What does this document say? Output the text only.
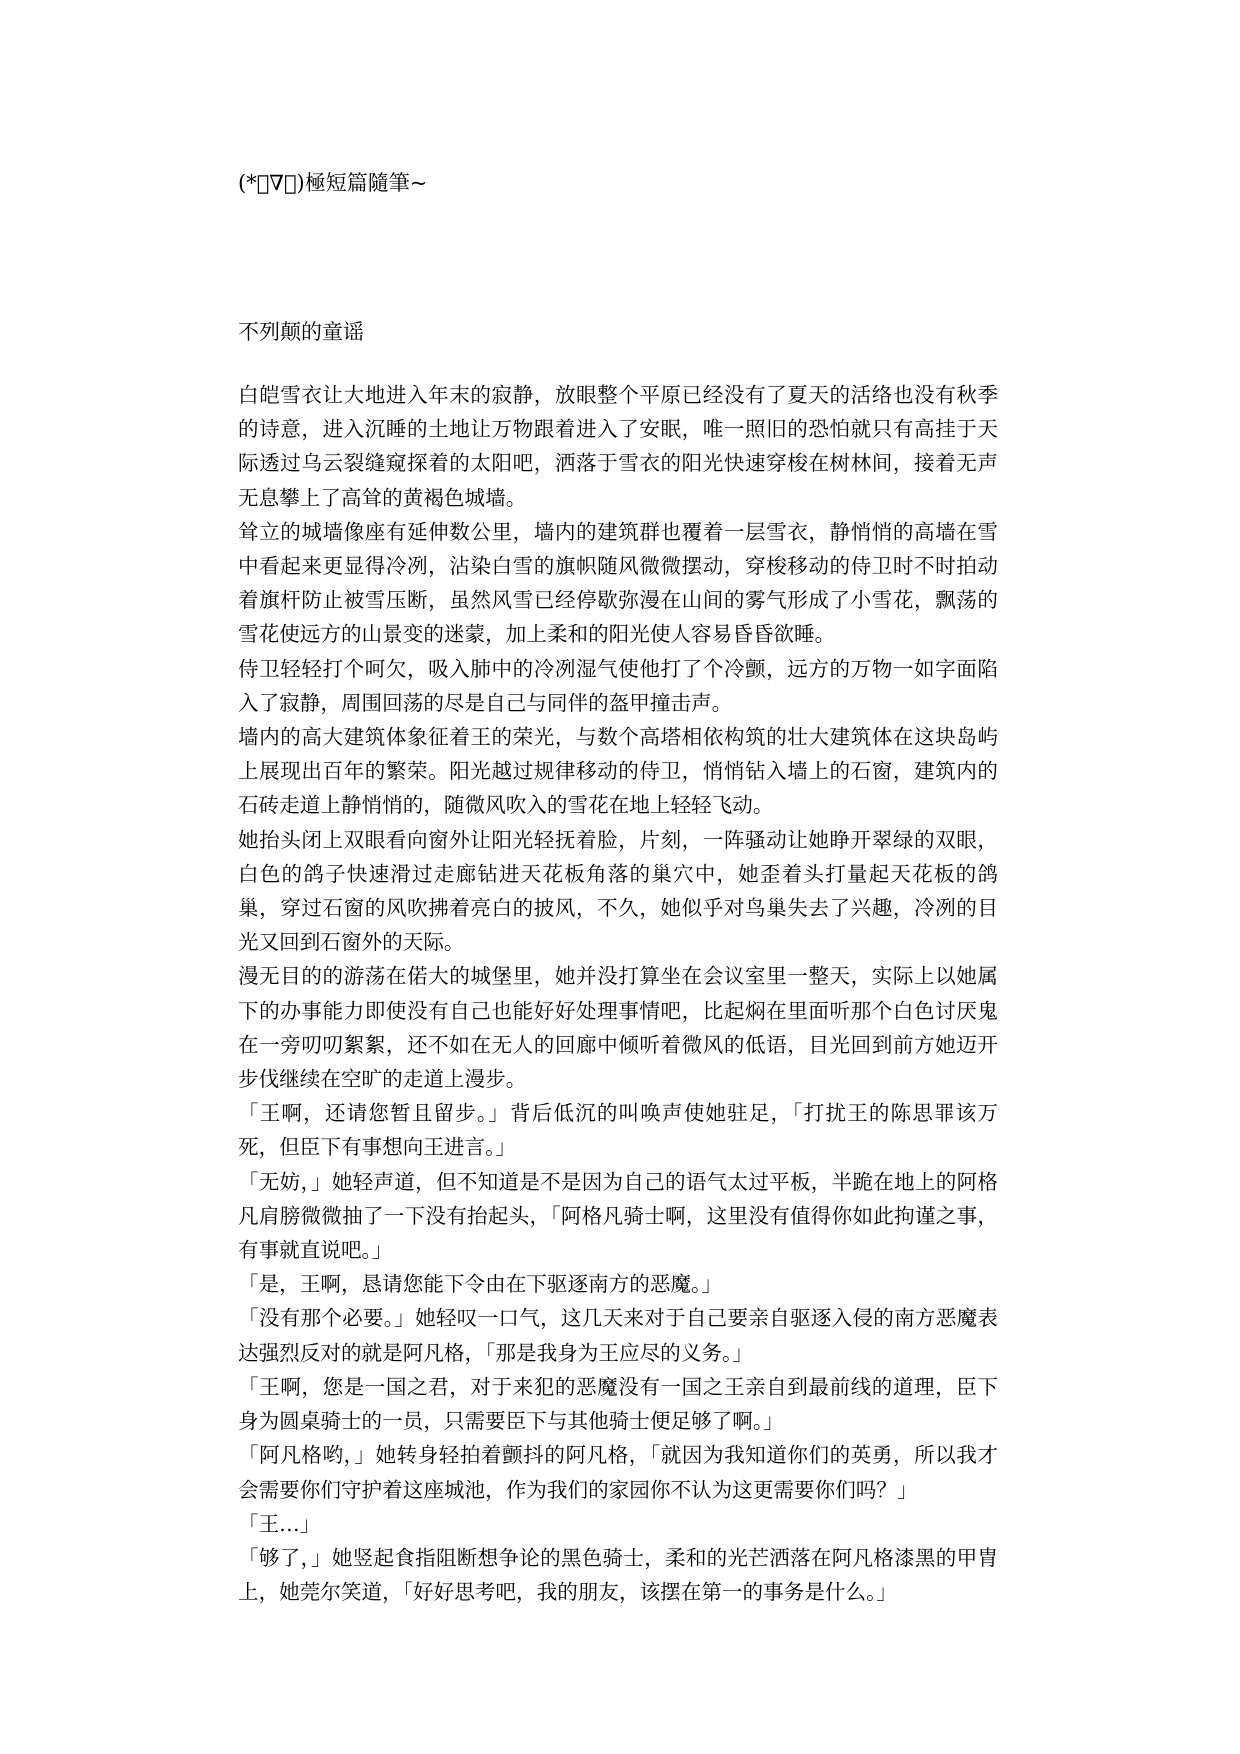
(*ﾟ∇ﾟ)極短篇隨筆~
不列颠的童谣

白皑雪衣让大地进入年末的寂静，放眼整个平原已经没有了夏天的活络也没有秋季的诗意，进入沉睡的土地让万物跟着进入了安眠，唯一照旧的恐怕就只有高挂于天际透过乌云裂缝窥探着的太阳吧，洒落于雪衣的阳光快速穿梭在树林间，接着无声无息攀上了高耸的黄褐色城墙。

耸立的城墙像座有延伸数公里，墙内的建筑群也覆着一层雪衣，静悄悄的高墙在雪中看起来更显得冷冽，沾染白雪的旗帜随风微微摆动，穿梭移动的侍卫时不时拍动着旗杆防止被雪压断，虽然风雪已经停歇弥漫在山间的雾气形成了小雪花，飘荡的雪花使远方的山景变的迷蒙，加上柔和的阳光使人容易昏昏欲睡。

侍卫轻轻打个呵欠，吸入肺中的冷冽湿气使他打了个冷颤，远方的万物一如字面陷入了寂静，周围回荡的尽是自己与同伴的盔甲撞击声。

墙内的高大建筑体象征着王的荣光，与数个高塔相依构筑的壮大建筑体在这块岛屿上展现出百年的繁荣。阳光越过规律移动的侍卫，悄悄钻入墙上的石窗，建筑内的石砖走道上静悄悄的，随微风吹入的雪花在地上轻轻飞动。

她抬头闭上双眼看向窗外让阳光轻抚着脸，片刻，一阵骚动让她睁开翠绿的双眼，白色的鸽子快速滑过走廊钻进天花板角落的巢穴中，她歪着头打量起天花板的鸽巢，穿过石窗的风吹拂着亮白的披风，不久，她似乎对鸟巢失去了兴趣，冷冽的目光又回到石窗外的天际。

漫无目的的游荡在偌大的城堡里，她并没打算坐在会议室里一整天，实际上以她属下的办事能力即使没有自己也能好好处理事情吧，比起焖在里面听那个白色讨厌鬼在一旁叨叨絮絮，还不如在无人的回廊中倾听着微风的低语，目光回到前方她迈开步伐继续在空旷的走道上漫步。

「王啊，还请您暂且留步。」背后低沉的叫唤声使她驻足，「打扰王的陈思罪该万死，但臣下有事想向王进言。」

「无妨，」她轻声道，但不知道是不是因为自己的语气太过平板，半跪在地上的阿格凡肩膀微微抽了一下没有抬起头，「阿格凡骑士啊，这里没有值得你如此拘谨之事，有事就直说吧。」

「是，王啊，恳请您能下令由在下驱逐南方的恶魔。」

「没有那个必要。」她轻叹一口气，这几天来对于自己要亲自驱逐入侵的南方恶魔表达强烈反对的就是阿凡格，「那是我身为王应尽的义务。」

「王啊，您是一国之君，对于来犯的恶魔没有一国之王亲自到最前线的道理，臣下身为圆桌骑士的一员，只需要臣下与其他骑士便足够了啊。」

「阿凡格哟，」她转身轻拍着颤抖的阿凡格，「就因为我知道你们的英勇，所以我才会需要你们守护着这座城池，作为我们的家园你不认为这更需要你们吗？」

「王…」

「够了，」她竖起食指阻断想争论的黑色骑士，柔和的光芒洒落在阿凡格漆黑的甲胄上，她莞尔笑道，「好好思考吧，我的朋友，该摆在第一的事务是什么。」
